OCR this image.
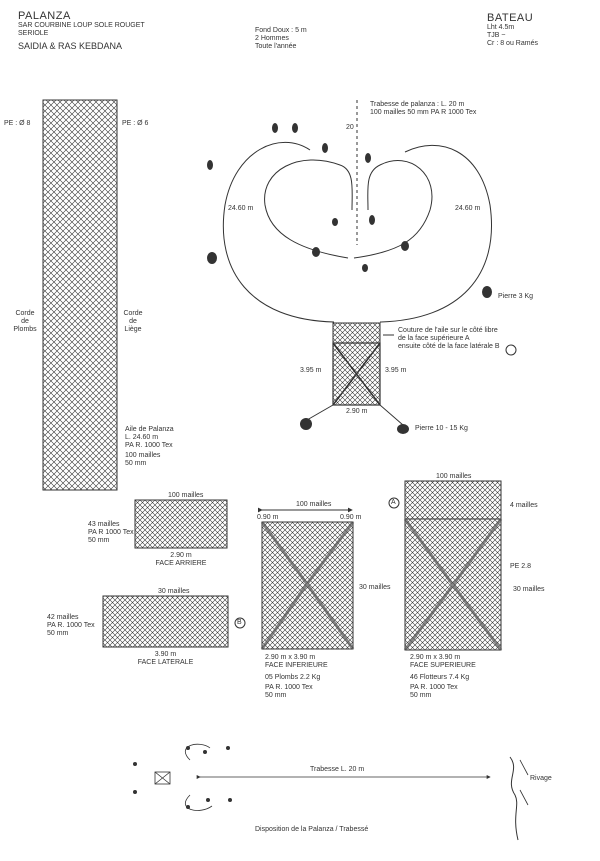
PALANZA
SAR COURBINE LOUP SOLE ROUGET
SERIOLE
SAIDIA & RAS KEBDANA
Fond Doux : 5 m
2 Hommes
Toute l'année
BATEAU
Lht 4.5m
TJB ~
Cr : 8 ou Ramés
PE : Ø 8	PE : Ø 6
Corde
de
Plombs
Corde
de
Liège
Aile de Palanza
L. 24.60 m
PA R. 1000 Tex
100 mailles
50 mm
Trabesse de palanza : L. 20 m
100 mailles 50 mm PA R 1000 Tex
20
24.60 m	24.60 m
Pierre 3 Kg
Couture de l'aile sur le côté libre
de la face supérieure A
ensuite côté de la face latérale B
3.95 m	3.95 m
2.90 m
Pierre 10 - 15 Kg
100 mailles
43 mailles
PA R 1000 Tex
50 mm
2.90 m
FACE ARRIERE
30 mailles
42 mailles
PA R. 1000 Tex
50 mm
B
3.90 m
FACE LATERALE
100 mailles
0.90 m	0.90 m
30 mailles
2.90 m x 3.90 m
FACE INFERIEURE
05 Plombs 2.2 Kg
PA R. 1000 Tex
50 mm
100 mailles
A	4 mailles
PE 2.8
30 mailles
2.90 m x 3.90 m
FACE SUPERIEURE
46 Flotteurs 7.4 Kg
PA R. 1000 Tex
50 mm
Trabesse L. 20 m
Rivage
Disposition de la Palanza / Trabessé
